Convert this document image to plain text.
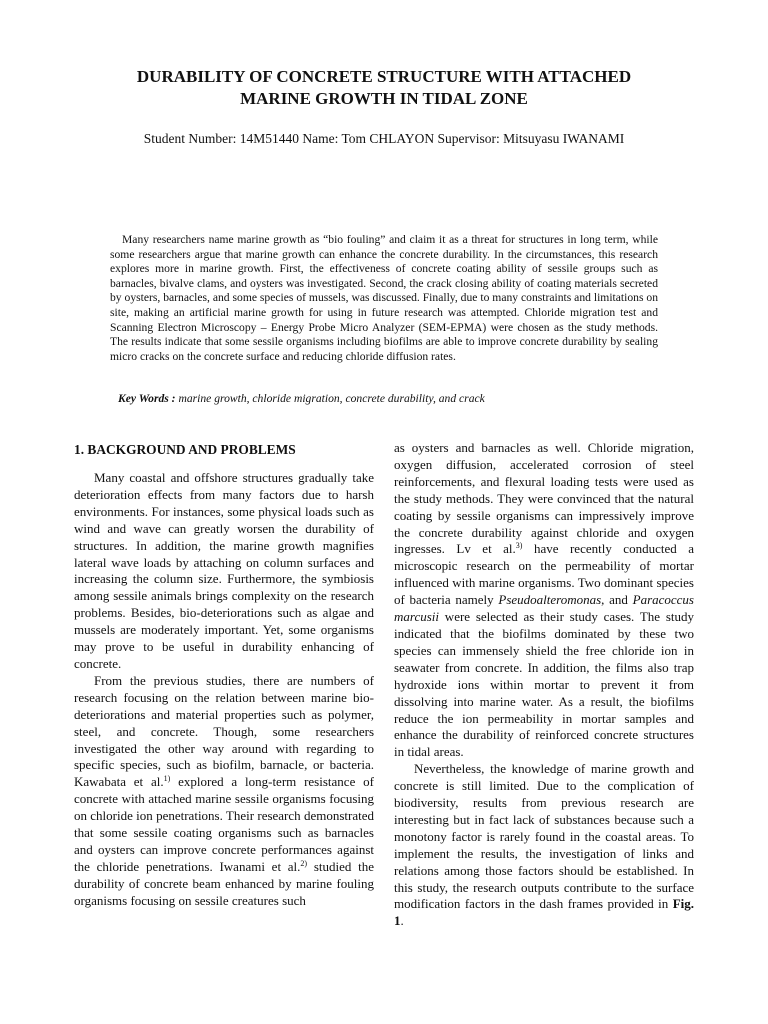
DURABILITY OF CONCRETE STRUCTURE WITH ATTACHED
MARINE GROWTH IN TIDAL ZONE
Student Number: 14M51440 Name: Tom CHLAYON Supervisor: Mitsuyasu IWANAMI

Many researchers name marine growth as “bio fouling” and claim it as a threat for structures in long term, while some researchers argue that marine growth can enhance the concrete durability. In the circumstances, this research explores more in marine growth. First, the effectiveness of concrete coating ability of sessile groups such as barnacles, bivalve clams, and oysters was investigated. Second, the crack closing ability of coating materials secreted by oysters, barnacles, and some species of mussels, was discussed. Finally, due to many constraints and limitations on site, making an artificial marine growth for using in future research was attempted. Chloride migration test and Scanning Electron Microscopy – Energy Probe Micro Analyzer (SEM-EPMA) were chosen as the study methods. The results indicate that some sessile organisms including biofilms are able to improve concrete durability by sealing micro cracks on the concrete surface and reducing chloride diffusion rates.

Key Words : marine growth, chloride migration, concrete durability, and crack
1. BACKGROUND AND PROBLEMS

Many coastal and offshore structures gradually take deterioration effects from many factors due to harsh environments. For instances, some physical loads such as wind and wave can greatly worsen the durability of structures. In addition, the marine growth magnifies lateral wave loads by attaching on column surfaces and increasing the column size. Furthermore, the symbiosis among sessile animals brings complexity on the research problems. Besides, bio-deteriorations such as algae and mussels are moderately important. Yet, some organisms may prove to be useful in durability enhancing of concrete.

From the previous studies, there are numbers of research focusing on the relation between marine bio-deteriorations and material properties such as polymer, steel, and concrete. Though, some researchers investigated the other way around with regarding to specific species, such as biofilm, barnacle, or bacteria. Kawabata et al.$^{1)}$ explored a long-term resistance of concrete with attached marine sessile organisms focusing on chloride ion penetrations. Their research demonstrated that some sessile coating organisms such as barnacles and oysters can improve concrete performances against the chloride penetrations. Iwanami et al.$^{2)}$ studied the durability of concrete beam enhanced by marine fouling organisms focusing on sessile creatures such

as oysters and barnacles as well. Chloride migration, oxygen diffusion, accelerated corrosion of steel reinforcements, and flexural loading tests were used as the study methods. They were convinced that the natural coating by sessile organisms can impressively improve the concrete durability against chloride and oxygen ingresses. Lv et al.$^{3)}$ have recently conducted a microscopic research on the permeability of mortar influenced with marine organisms. Two dominant species of bacteria namely Pseudoalteromonas, and Paracoccus marcusii were selected as their study cases. The study indicated that the biofilms dominated by these two species can immensely shield the free chloride ion in seawater from concrete. In addition, the films also trap hydroxide ions within mortar to prevent it from dissolving into marine water. As a result, the biofilms reduce the ion permeability in mortar samples and enhance the durability of reinforced concrete structures in tidal areas.

Nevertheless, the knowledge of marine growth and concrete is still limited. Due to the complication of biodiversity, results from previous research are interesting but in fact lack of substances because such a monotony factor is rarely found in the coastal areas. To implement the results, the investigation of links and relations among those factors should be established. In this study, the research outputs contribute to the surface modification factors in the dash frames provided in Fig. 1.
